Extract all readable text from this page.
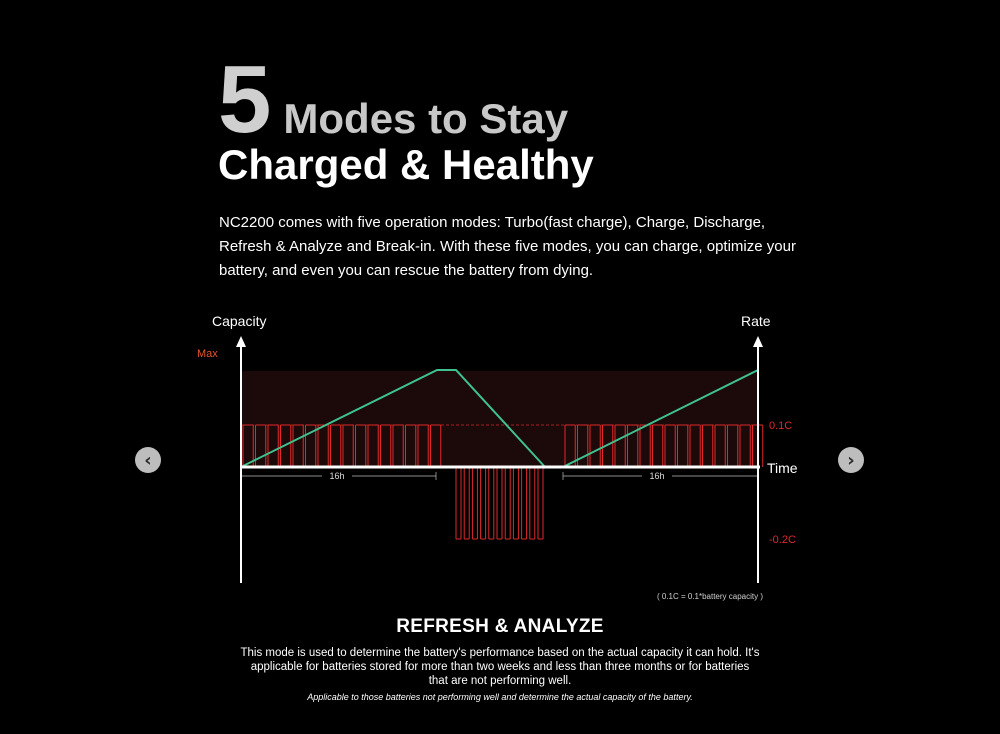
5 Modes to Stay
Charged & Healthy
NC2200 comes with five operation modes: Turbo(fast charge), Charge, Discharge, Refresh & Analyze and Break-in. With these five modes, you can charge, optimize your battery, and even you can rescue the battery from dying.
16h	16h
Capacity	Rate
Max
0.1C
Time
-0.2C
( 0.1C = 0.1*battery capacity )
‹	›
REFRESH & ANALYZE
This mode is used to determine the battery's performance based on the actual capacity it can hold. It's applicable for batteries stored for more than two weeks and less than three months or for batteries that are not performing well.
Applicable to those batteries not performing well and determine the actual capacity of the battery.
